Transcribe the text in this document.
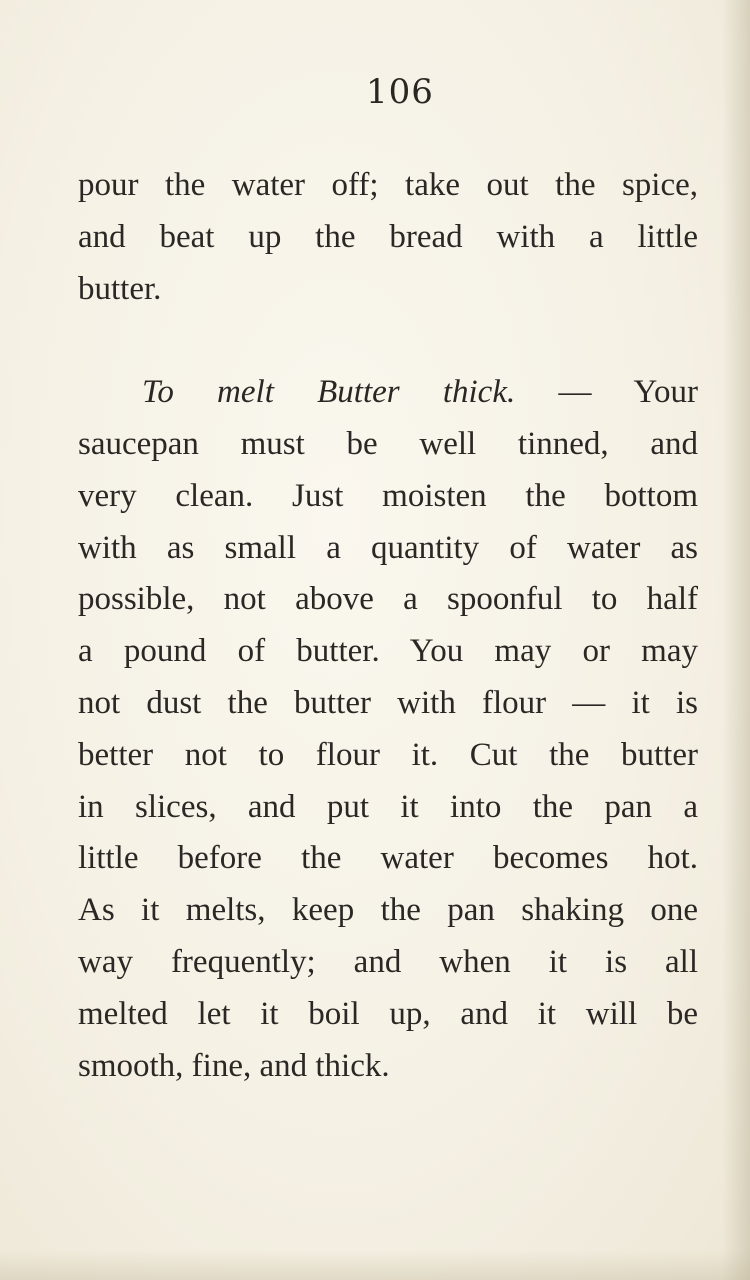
106
pour the water off; take out the spice,
and beat up the bread with a little
butter.
To melt Butter thick. — Your
saucepan must be well tinned, and
very clean. Just moisten the bottom
with as small a quantity of water as
possible, not above a spoonful to half
a pound of butter. You may or may
not dust the butter with flour — it is
better not to flour it. Cut the butter
in slices, and put it into the pan a
little before the water becomes hot.
As it melts, keep the pan shaking one
way frequently; and when it is all
melted let it boil up, and it will be
smooth, fine, and thick.
